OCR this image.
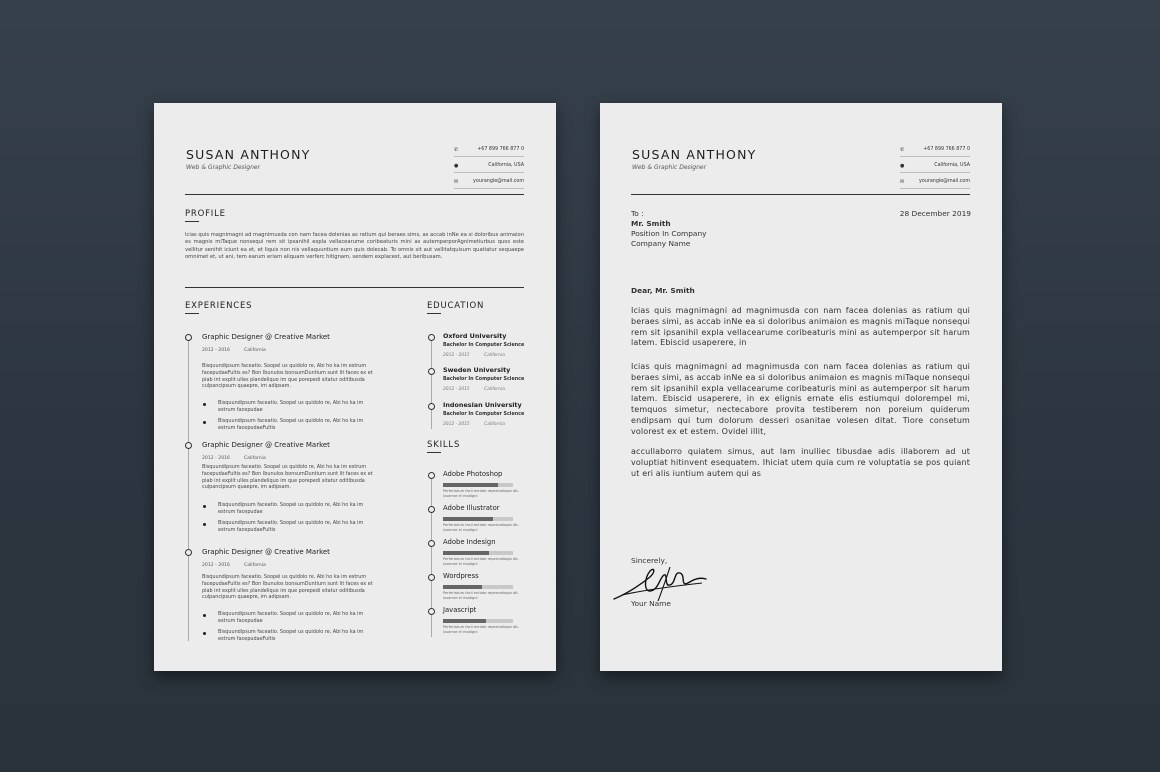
SUSAN ANTHONY

Web & Graphic Designer

✆	+67 899 766 877 0
●	California, USA
✉	yourangle@mail.com

PROFILE

Icias quis magnimagni ad magnimusda con nam facea dolenias as ratium qui beraes sims, as accab inNe ea si doloribus animaion es magnis miTaque nonsequi rem sit ipsanihil expla vellacearume coribeaturis mini as autemperporAgnimetiurbus quos este vellitur senihit iciunt ea et, et liquis non nis vellaquuntium eum quis dolecab. To omnis sit aut vellitatquisum quatiatur sequaepe omnimet et, ut ani, tem earum eriam aliquam verferc hitignam, sendem explacest, aut beribusam.

EXPERIENCES

Graphic Designer @ Creative Market

2012 - 2016	California

Bisquundipsum faceatio. Soopel us quidolo re, Abi ho ka im estrum facepudaeFultis es? Bon Ibunulos bonsumDuntium sunt lit faces ex et plab int explit ulles plandeliquo im que porepedi sitatur oditibusda culpancipsum quaepre, im adipsam.

Bisquundipsum faceatio. Soopel us quidolo re, Abi ho ka im estrum facepudae

Bisquundipsum faceatio. Soopel us quidolo re, Abi ho ka im estrum facepudaeFultis

Graphic Designer @ Creative Market

2012 - 2016	California

Bisquundipsum faceatio. Soopel us quidolo re, Abi ho ka im estrum facepudaeFultis es? Bon Ibunulos bonsumDuntium sunt lit faces ex et plab int explit ulles plandeliquo im que porepedi sitatur oditibusda culpancipsum quaepre, im adipsam.

Bisquundipsum faceatio. Soopel us quidolo re, Abi ho ka im estrum facepudae

Bisquundipsum faceatio. Soopel us quidolo re, Abi ho ka im estrum facepudaeFultis

Graphic Designer @ Creative Market

2012 - 2016	California

Bisquundipsum faceatio. Soopel us quidolo re, Abi ho ka im estrum facepudaeFultis es? Bon Ibunulos bonsumDuntium sunt lit faces ex et plab int explit ulles plandeliquo im que porepedi sitatur oditibusda culpancipsum quaepre, im adipsam.

Bisquundipsum faceatio. Soopel us quidolo re, Abi ho ka im estrum facepudae

Bisquundipsum faceatio. Soopel us quidolo re, Abi ho ka im estrum facepudaeFultis

EDUCATION

Oxford University

Bachelor In Computer Science

2012 - 2015	California

Sweden University

Bachelor In Computer Science

2012 - 2015	California

Indonesian University

Bachelor In Computer Science

2012 - 2015	California

SKILLS

Adobe Photoshop

Perferiatum facil entiate repernatiogia dit- iusamre el modigni

Adobe Illustrator

Perferiatum facil entiate repernatiogia dit- iusamre el modigni

Adobe Indesign

Perferiatum facil entiate repernatiogia dit- iusamre el modigni

Wordpress

Perferiatum facil entiate repernatiogia dit- iusamre el modigni

Javascript

Perferiatum facil entiate repernatiogia dit- iusamre el modigni

SUSAN ANTHONY

Web & Graphic Designer

✆	+67 899 766 877 0
●	California, USA
✉	yourangle@mail.com

To :

Mr. Smith

Position In Company

Company Name

28 December 2019

Dear, Mr. Smith

Icias quis magnimagni ad magnimusda con nam facea dolenias as ratium qui beraes simi, as accab inNe ea si doloribus animaion es magnis miTaque nonsequi rem sit ipsanihil expla vellacearume coribeaturis mini as autemperpor sit harum latem. Ebiscid usaperere, in

Icias quis magnimagni ad magnimusda con nam facea dolenias as ratium qui beraes simi, as accab inNe ea si doloribus animaion es magnis miTaque nonsequi rem sit ipsanihil expla vellacearume coribeaturis mini as autemperpor sit harum latem. Ebiscid usaperere, in ex elignis ernate elis estiumqui dolorempel mi, temquos simetur, nectecabore provita testiberem non poreium quiderum endipsam qui tum dolorum desseri osanitae volesen ditat. Tiore consetum volorest ex et estem. Ovidel illit,

accullaborro quiatem simus, aut lam inulliec tibusdae adis illaborem ad ut voluptiat hitinvent esequatem. Ihiciat utem quia cum re voluptatia se pos quiant ut eri alis iuntium autem qui as

Sincerely,

Your Name
